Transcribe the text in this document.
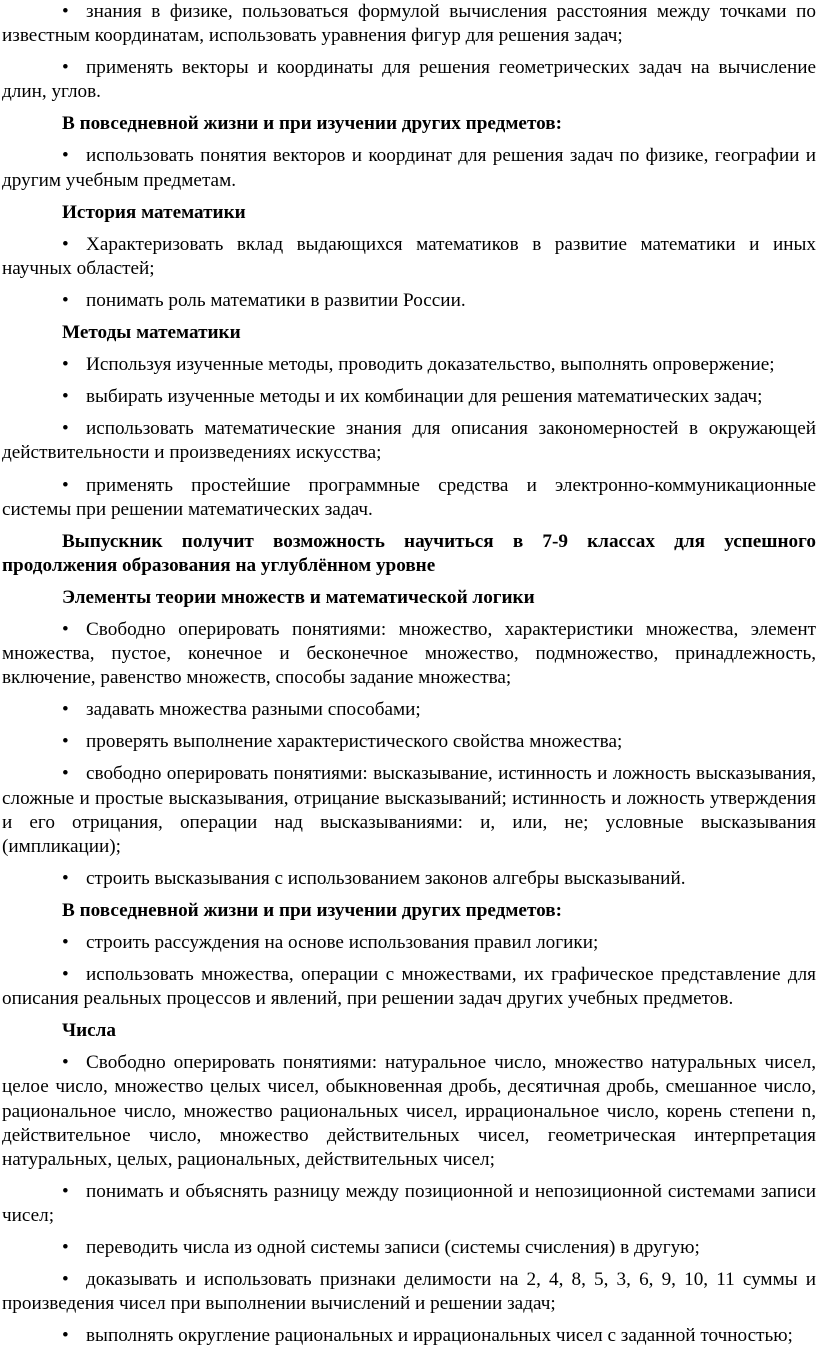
• знания в физике, пользоваться формулой вычисления расстояния между точками по известным координатам, использовать уравнения фигур для решения задач;

• применять векторы и координаты для решения геометрических задач на вычисление длин, углов.

В повседневной жизни и при изучении других предметов:

• использовать понятия векторов и координат для решения задач по физике, географии и другим учебным предметам.

История математики

• Характеризовать вклад выдающихся математиков в развитие математики и иных научных областей;

• понимать роль математики в развитии России.

Методы математики

• Используя изученные методы, проводить доказательство, выполнять опровержение;

• выбирать изученные методы и их комбинации для решения математических задач;

• использовать математические знания для описания закономерностей в окружающей действительности и произведениях искусства;

• применять простейшие программные средства и электронно-коммуникационные системы при решении математических задач.

Выпускник получит возможность научиться в 7-9 классах для успешного продолжения образования на углублённом уровне

Элементы теории множеств и математической логики

• Свободно оперировать понятиями: множество, характеристики множества, элемент множества, пустое, конечное и бесконечное множество, подмножество, принадлежность, включение, равенство множеств, способы задание множества;

• задавать множества разными способами;

• проверять выполнение характеристического свойства множества;

• свободно оперировать понятиями: высказывание, истинность и ложность высказывания, сложные и простые высказывания, отрицание высказываний; истинность и ложность утверждения и его отрицания, операции над высказываниями: и, или, не; условные высказывания (импликации);

• строить высказывания с использованием законов алгебры высказываний.

В повседневной жизни и при изучении других предметов:

• строить рассуждения на основе использования правил логики;

• использовать множества, операции с множествами, их графическое представление для описания реальных процессов и явлений, при решении задач других учебных предметов.

Числа

• Свободно оперировать понятиями: натуральное число, множество натуральных чисел, целое число, множество целых чисел, обыкновенная дробь, десятичная дробь, смешанное число, рациональное число, множество рациональных чисел, иррациональное число, корень степени n, действительное число, множество действительных чисел, геометрическая интерпретация натуральных, целых, рациональных, действительных чисел;

• понимать и объяснять разницу между позиционной и непозиционной системами записи чисел;

• переводить числа из одной системы записи (системы счисления) в другую;

• доказывать и использовать признаки делимости на 2, 4, 8, 5, 3, 6, 9, 10, 11 суммы и произведения чисел при выполнении вычислений и решении задач;

• выполнять округление рациональных и иррациональных чисел с заданной точностью;
